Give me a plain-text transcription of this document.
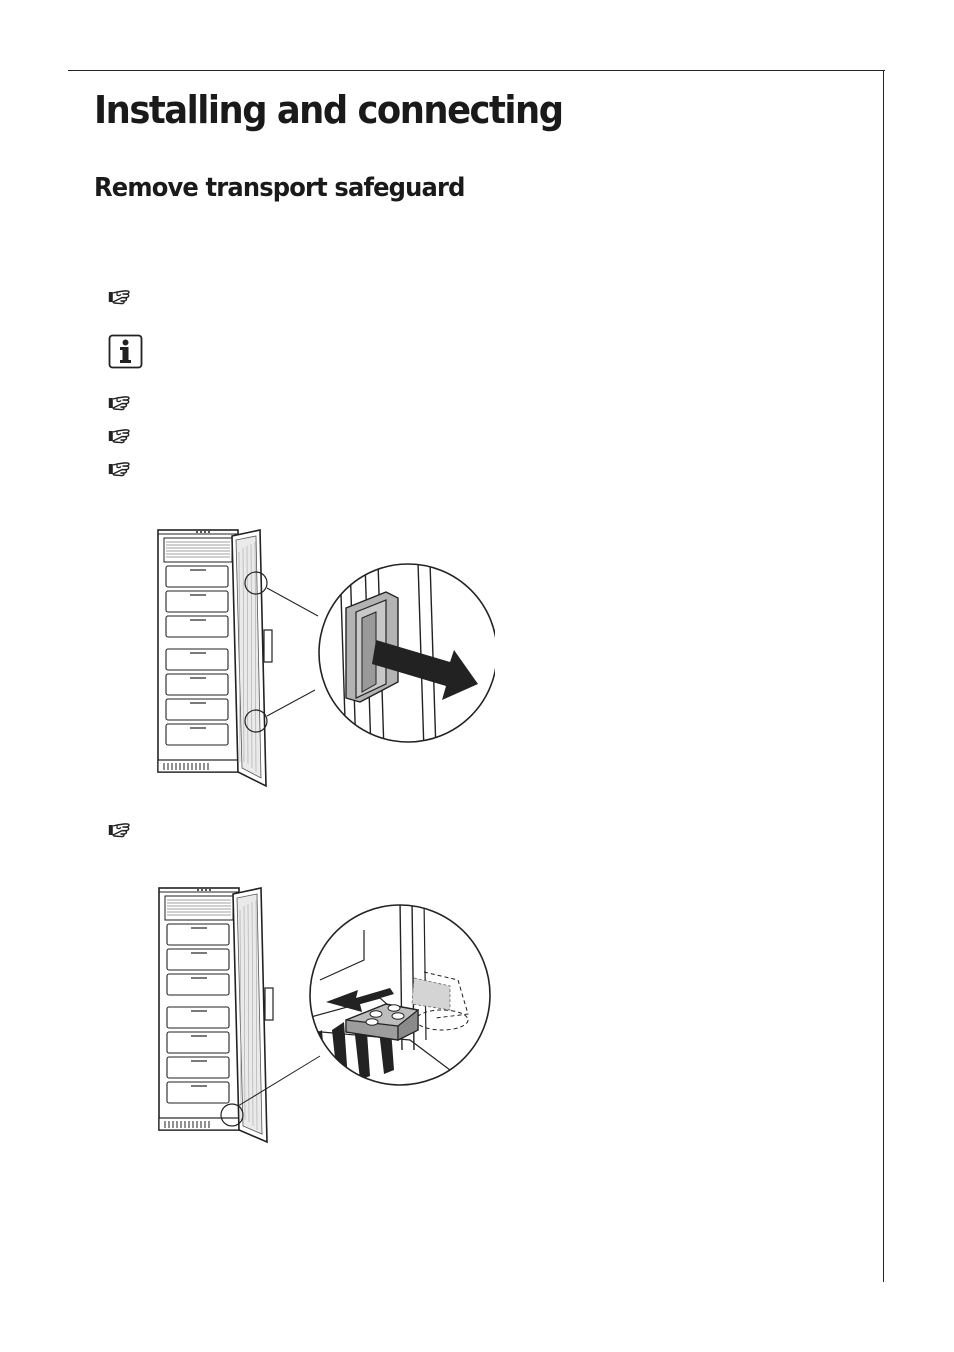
Installing and connecting
Remove transport safeguard
